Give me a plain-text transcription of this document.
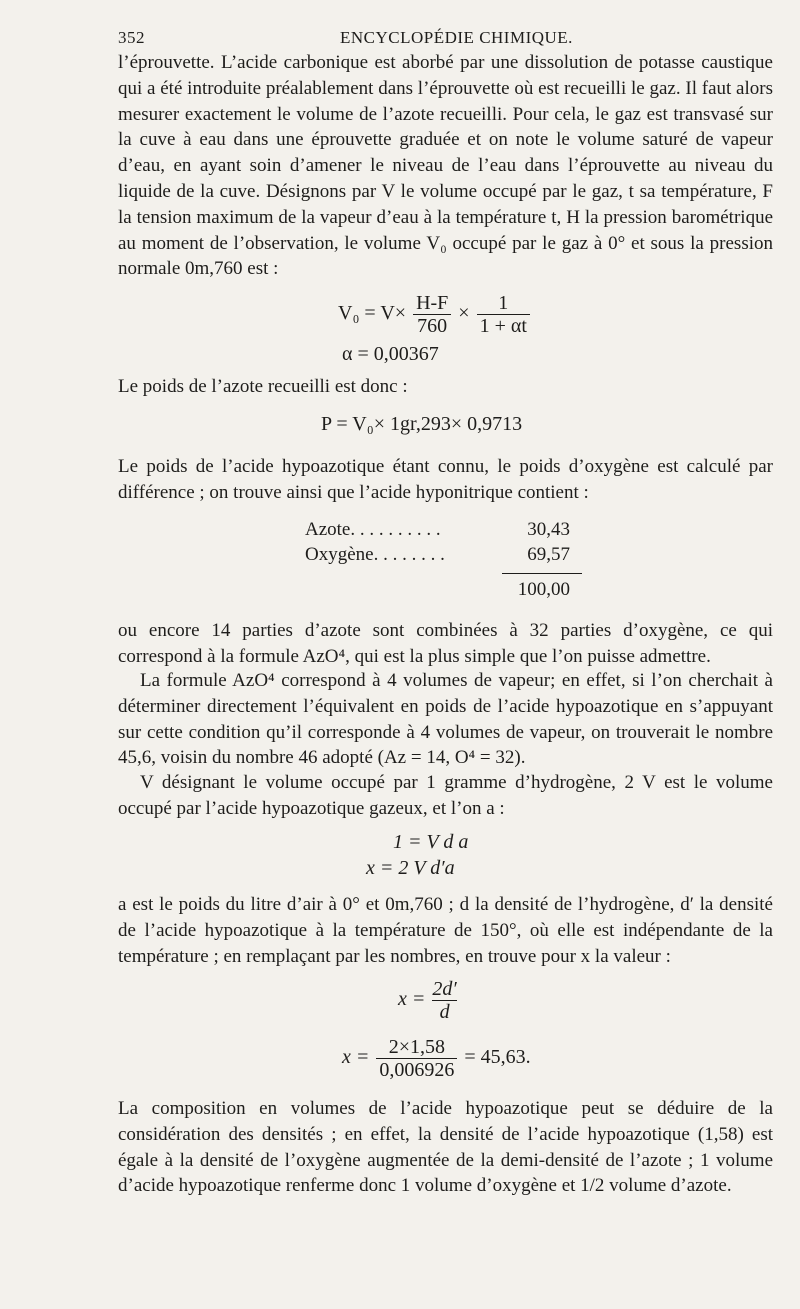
352	ENCYCLOPÉDIE CHIMIQUE.

l’éprouvette. L’acide carbonique est aborbé par une dissolution de potasse caustique qui a été introduite préalablement dans l’éprouvette où est recueilli le gaz. Il faut alors mesurer exactement le volume de l’azote recueilli. Pour cela, le gaz est transvasé sur la cuve à eau dans une éprouvette graduée et on note le volume saturé de vapeur d’eau, en ayant soin d’amener le niveau de l’eau dans l’éprouvette au niveau du liquide de la cuve. Désignons par V le volume occupé par le gaz, t sa température, F la tension maximum de la vapeur d’eau à la température t, H la pression barométrique au moment de l’observation, le volume V₀ occupé par le gaz à 0° et sous la pression normale 0m,760 est :

$V_0 = V\times \frac{H-F}{760} \times \frac{1}{1 + \alpha t}$
α = 0,00367

Le poids de l’azote recueilli est donc :

P = V₀× 1gr,293× 0,9713

Le poids de l’acide hypoazotique étant connu, le poids d’oxygène est calculé par différence ; on trouve ainsi que l’acide hyponitrique contient :

Azote. . . . . . . . . .	30,43
Oxygène. . . . . . . .	69,57
100,00

ou encore 14 parties d’azote sont combinées à 32 parties d’oxygène, ce qui correspond à la formule AzO⁴, qui est la plus simple que l’on puisse admettre.

La formule AzO⁴ correspond à 4 volumes de vapeur; en effet, si l’on cherchait à déterminer directement l’équivalent en poids de l’acide hypoazotique en s’appuyant sur cette condition qu’il corresponde à 4 volumes de vapeur, on trouverait le nombre 45,6, voisin du nombre 46 adopté (Az = 14, O⁴ = 32).

V désignant le volume occupé par 1 gramme d’hydrogène, 2 V est le volume occupé par l’acide hypoazotique gazeux, et l’on a :

1 = V d a
x = 2 V d′a

a est le poids du litre d’air à 0° et 0m,760 ; d la densité de l’hydrogène, d′ la densité de l’acide hypoazotique à la température de 150°, où elle est indépendante de la température ; en remplaçant par les nombres, en trouve pour x la valeur :

$x = \frac{2d'}{d}$
$x = \frac{2\times 1,58}{0,006926} = 45,63$.

La composition en volumes de l’acide hypoazotique peut se déduire de la considération des densités ; en effet, la densité de l’acide hypoazotique (1,58) est égale à la densité de l’oxygène augmentée de la demi-densité de l’azote ; 1 volume d’acide hypoazotique renferme donc 1 volume d’oxygène et 1/2 volume d’azote.
